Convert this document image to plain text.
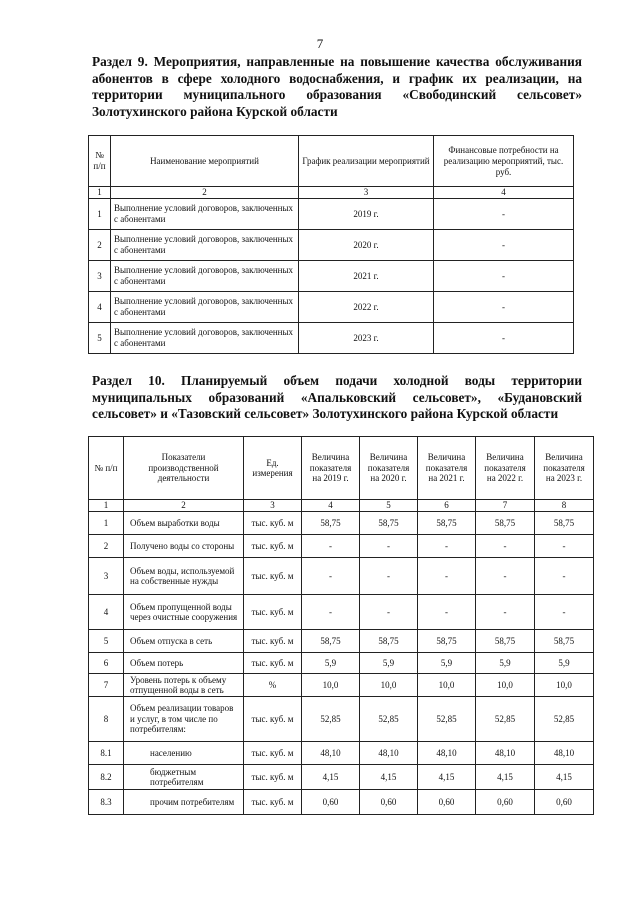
7
Раздел 9. Мероприятия, направленные на повышение качества обслуживания абонентов в сфере холодного водоснабжения, и график их реализации, на территории муниципального образования «Свободинский сельсовет» Золотухинского района Курской области
№ п/п	Наименование мероприятий	График реализации мероприятий	Финансовые потребности на реализацию мероприятий, тыс. руб.
1	2	3	4
1	Выполнение условий договоров, заключенных с абонентами	2019 г.	-
2	Выполнение условий договоров, заключенных с абонентами	2020 г.	-
3	Выполнение условий договоров, заключенных с абонентами	2021 г.	-
4	Выполнение условий договоров, заключенных с абонентами	2022 г.	-
5	Выполнение условий договоров, заключенных с абонентами	2023 г.	-
Раздел 10. Планируемый объем подачи холодной воды территории муниципальных образований «Апальковский сельсовет», «Будановский сельсовет» и «Тазовский сельсовет» Золотухинского района Курской области
№ п/п	Показатели производственной деятельности	Ед. измерения	Величина показателя на 2019 г.	Величина показателя на 2020 г.	Величина показателя на 2021 г.	Величина показателя на 2022 г.	Величина показателя на 2023 г.
1	2	3	4	5	6	7	8
1	Объем выработки воды	тыс. куб. м	58,75	58,75	58,75	58,75	58,75
2	Получено воды со стороны	тыс. куб. м	-	-	-	-	-
3	Объем воды, используемой на собственные нужды	тыс. куб. м	-	-	-	-	-
4	Объем пропущенной воды через очистные сооружения	тыс. куб. м	-	-	-	-	-
5	Объем отпуска в сеть	тыс. куб. м	58,75	58,75	58,75	58,75	58,75
6	Объем потерь	тыс. куб. м	5,9	5,9	5,9	5,9	5,9
7	Уровень потерь к объему отпущенной воды в сеть	%	10,0	10,0	10,0	10,0	10,0
8	Объем реализации товаров и услуг, в том числе по потребителям:	тыс. куб. м	52,85	52,85	52,85	52,85	52,85
8.1	населению	тыс. куб. м	48,10	48,10	48,10	48,10	48,10
8.2	бюджетным потребителям	тыс. куб. м	4,15	4,15	4,15	4,15	4,15
8.3	прочим потребителям	тыс. куб. м	0,60	0,60	0,60	0,60	0,60
